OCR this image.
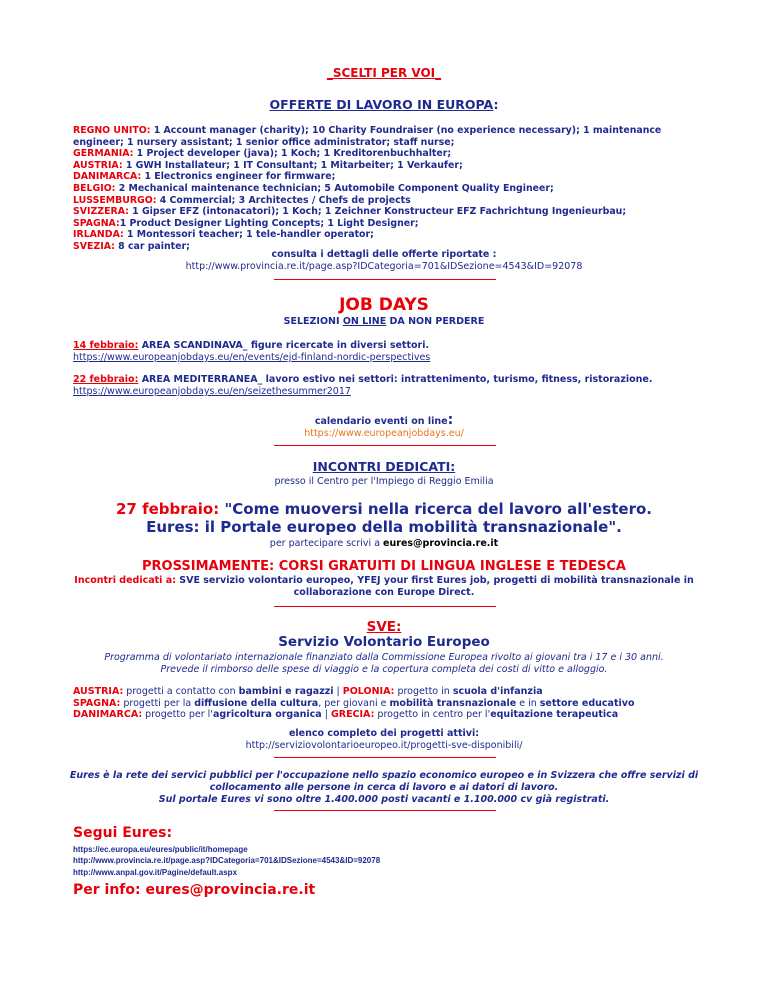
_SCELTI PER VOI_
OFFERTE DI LAVORO IN EUROPA:
REGNO UNITO: 1 Account manager (charity); 10 Charity Foundraiser (no experience necessary); 1 maintenance engineer; 1 nursery assistant; 1 senior office administrator; staff nurse;
GERMANIA: 1 Project developer (java); 1 Koch; 1 Kreditorenbuchhalter;
AUSTRIA: 1 GWH Installateur; 1 IT Consultant; 1 Mitarbeiter; 1 Verkaufer;
DANIMARCA: 1 Electronics engineer for firmware;
BELGIO: 2 Mechanical maintenance technician; 5 Automobile Component Quality Engineer;
LUSSEMBURGO: 4 Commercial; 3 Architectes / Chefs de projects
SVIZZERA: 1 Gipser EFZ (intonacatori); 1 Koch; 1 Zeichner Konstructeur EFZ Fachrichtung Ingenieurbau;
SPAGNA:1 Product Designer Lighting Concepts; 1 Light Designer;
IRLANDA: 1 Montessori teacher; 1 tele-handler operator;
SVEZIA: 8 car painter;
consulta i dettagli delle offerte riportate :
http://www.provincia.re.it/page.asp?IDCategoria=701&IDSezione=4543&ID=92078
JOB DAYS
SELEZIONI ON LINE DA NON PERDERE
14 febbraio: AREA SCANDINAVA_ figure ricercate in diversi settori.
https://www.europeanjobdays.eu/en/events/ejd-finland-nordic-perspectives
22 febbraio: AREA MEDITERRANEA_ lavoro estivo nei settori: intrattenimento, turismo, fitness, ristorazione.
https://www.europeanjobdays.eu/en/seizethesummer2017
calendario eventi on line:
https://www.europeanjobdays.eu/
INCONTRI DEDICATI:
presso il Centro per l'Impiego di Reggio Emilia
27 febbraio: "Come muoversi nella ricerca del lavoro all'estero.
Eures: il Portale europeo della mobilità transnazionale".
per partecipare scrivi a eures@provincia.re.it
PROSSIMAMENTE: CORSI GRATUITI DI LINGUA INGLESE E TEDESCA
Incontri dedicati a: SVE servizio volontario europeo, YFEJ your first Eures job, progetti di mobilità transnazionale in
collaborazione con Europe Direct.
SVE:
Servizio Volontario Europeo
Programma di volontariato internazionale finanziato dalla Commissione Europea rivolto ai giovani tra i 17 e i 30 anni.
Prevede il rimborso delle spese di viaggio e la copertura completa dei costi di vitto e alloggio.
AUSTRIA: progetti a contatto con bambini e ragazzi | POLONIA: progetto in scuola d'infanzia
SPAGNA: progetti per la diffusione della cultura, per giovani e mobilità transnazionale e in settore educativo
DANIMARCA: progetto per l'agricoltura organica | GRECIA: progetto in centro per l'equitazione terapeutica
elenco completo dei progetti attivi:
http://serviziovolontarioeuropeo.it/progetti-sve-disponibili/
Eures è la rete dei servici pubblici per l'occupazione nello spazio economico europeo e in Svizzera che offre servizi di
collocamento alle persone in cerca di lavoro e ai datori di lavoro.
Sul portale Eures vi sono oltre 1.400.000 posti vacanti e 1.100.000 cv già registrati.
Segui Eures:
https://ec.europa.eu/eures/public/it/homepage
http://www.provincia.re.it/page.asp?IDCategoria=701&IDSezione=4543&ID=92078
http://www.anpal.gov.it/Pagine/default.aspx
Per info: eures@provincia.re.it
